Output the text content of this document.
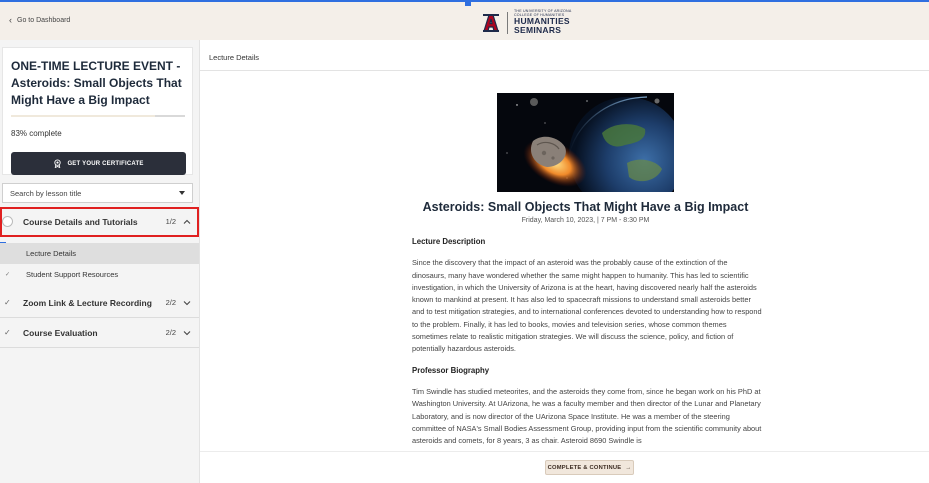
‹ Go to Dashboard
THE UNIVERSITY OF ARIZONA
COLLEGE OF HUMANITIES
HUMANITIES
SEMINARS
ONE-TIME LECTURE EVENT - Asteroids: Small Objects That Might Have a Big Impact
83% complete
GET YOUR CERTIFICATE
Search by lesson title
Course Details and Tutorials	1/2
Lecture Details
✓ Student Support Resources
✓ Zoom Link & Lecture Recording 2/2
✓ Course Evaluation	2/2
Lecture Details
Asteroids: Small Objects That Might Have a Big Impact
Friday, March 10, 2023, | 7 PM - 8:30 PM
Lecture Description

Since the discovery that the impact of an asteroid was the probably cause of the extinction of the dinosaurs, many have wondered whether the same might happen to humanity. This has led to scientific investigation, in which the University of Arizona is at the heart, having discovered nearly half the asteroids known to mankind at present. It has also led to spacecraft missions to understand small asteroids better and to test mitigation strategies, and to international conferences devoted to understanding how to respond to the problem. Finally, it has led to books, movies and television series, whose common themes sometimes relate to realistic mitigation strategies. We will discuss the science, policy, and fiction of potentially hazardous asteroids.

Professor Biography

Tim Swindle has studied meteorites, and the asteroids they come from, since he began work on his PhD at Washington University. At UArizona, he was a faculty member and then director of the Lunar and Planetary Laboratory, and is now director of the UArizona Space Institute. He was a member of the steering committee of NASA's Small Bodies Assessment Group, providing input from the scientific community about asteroids and comets, for 8 years, 3 as chair. Asteroid 8690 Swindle is

COMPLETE & CONTINUE →
